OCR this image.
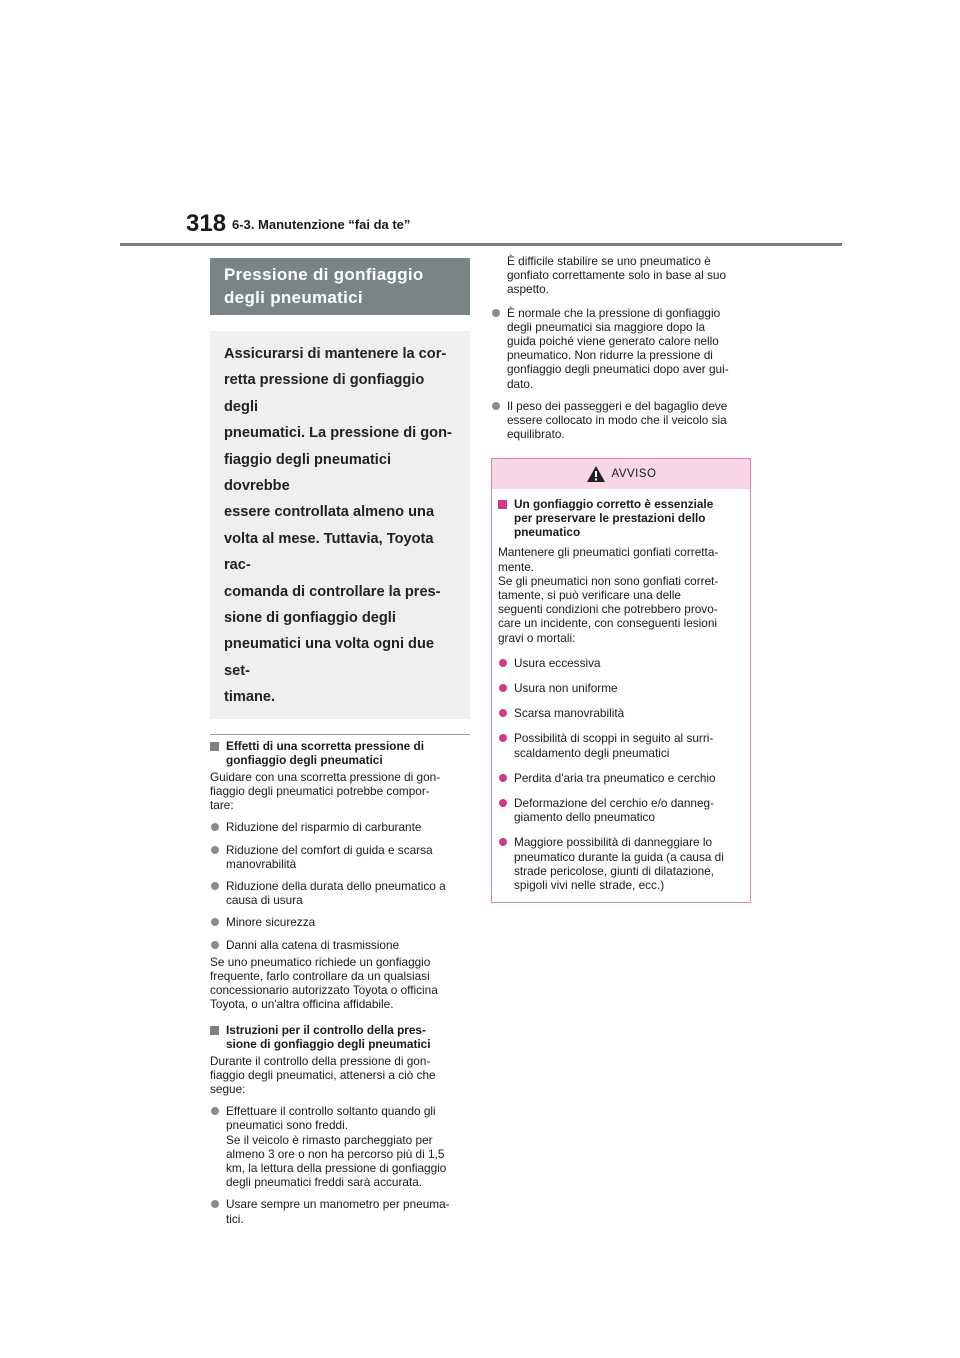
318 6-3. Manutenzione “fai da te”
Pressione di gonfiaggio
degli pneumatici
Assicurarsi di mantenere la cor-
retta pressione di gonfiaggio degli
pneumatici. La pressione di gon-
fiaggio degli pneumatici dovrebbe
essere controllata almeno una
volta al mese. Tuttavia, Toyota rac-
comanda di controllare la pres-
sione di gonfiaggio degli
pneumatici una volta ogni due set-
timane.
Effetti di una scorretta pressione di
gonfiaggio degli pneumatici
Guidare con una scorretta pressione di gon-
fiaggio degli pneumatici potrebbe compor-
tare:
Riduzione del risparmio di carburante
Riduzione del comfort di guida e scarsa
manovrabilità
Riduzione della durata dello pneumatico a
causa di usura
Minore sicurezza
Danni alla catena di trasmissione
Se uno pneumatico richiede un gonfiaggio
frequente, farlo controllare da un qualsiasi
concessionario autorizzato Toyota o officina
Toyota, o un'altra officina affidabile.
Istruzioni per il controllo della pres-
sione di gonfiaggio degli pneumatici
Durante il controllo della pressione di gon-
fiaggio degli pneumatici, attenersi a ciò che
segue:
Effettuare il controllo soltanto quando gli
pneumatici sono freddi.
Se il veicolo è rimasto parcheggiato per
almeno 3 ore o non ha percorso più di 1,5
km, la lettura della pressione di gonfiaggio
degli pneumatici freddi sarà accurata.
Usare sempre un manometro per pneuma-
tici.
È difficile stabilire se uno pneumatico è
gonfiato correttamente solo in base al suo
aspetto.
È normale che la pressione di gonfiaggio
degli pneumatici sia maggiore dopo la
guida poiché viene generato calore nello
pneumatico. Non ridurre la pressione di
gonfiaggio degli pneumatici dopo aver gui-
dato.
Il peso dei passeggeri e del bagaglio deve
essere collocato in modo che il veicolo sia
equilibrato.
AVVISO
Un gonfiaggio corretto è essenziale
per preservare le prestazioni dello
pneumatico
Mantenere gli pneumatici gonfiati corretta-
mente.
Se gli pneumatici non sono gonfiati corret-
tamente, si può verificare una delle
seguenti condizioni che potrebbero provo-
care un incidente, con conseguenti lesioni
gravi o mortali:
Usura eccessiva
Usura non uniforme
Scarsa manovrabilità
Possibilità di scoppi in seguito al surri-
scaldamento degli pneumatici
Perdita d'aria tra pneumatico e cerchio
Deformazione del cerchio e/o danneg-
giamento dello pneumatico
Maggiore possibilità di danneggiare lo
pneumatico durante la guida (a causa di
strade pericolose, giunti di dilatazione,
spigoli vivi nelle strade, ecc.)
